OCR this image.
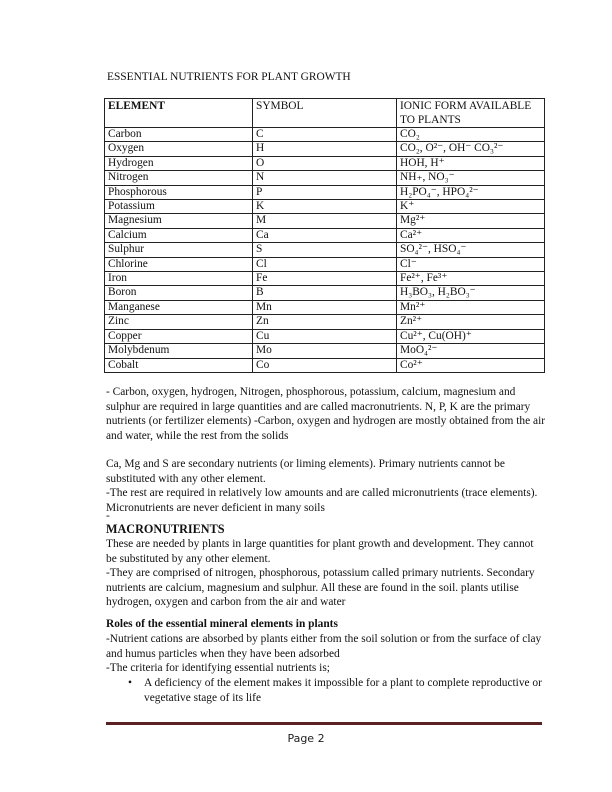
ESSENTIAL NUTRIENTS FOR PLANT GROWTH
ELEMENT	SYMBOL	IONIC FORM AVAILABLE TO PLANTS
Carbon	C	CO₂
Oxygen	H	CO₂, O²⁻, OH⁻ CO₃²⁻
Hydrogen	O	HOH, H⁺
Nitrogen	N	NH₊, NO₃⁻
Phosphorous	P	H₂PO₄⁻, HPO₄²⁻
Potassium	K	K⁺
Magnesium	M	Mg²⁺
Calcium	Ca	Ca²⁺
Sulphur	S	SO₄²⁻, HSO₄⁻
Chlorine	Cl	Cl⁻
Iron	Fe	Fe²⁺, Fe³⁺
Boron	B	H₃BO₃, H₂BO₃⁻
Manganese	Mn	Mn²⁺
Zinc	Zn	Zn²⁺
Copper	Cu	Cu²⁺, Cu(OH)⁺
Molybdenum	Mo	MoO₄²⁻
Cobalt	Co	Co²⁺
- Carbon, oxygen, hydrogen, Nitrogen, phosphorous, potassium, calcium, magnesium and sulphur are required in large quantities and are called macronutrients. N, P, K are the primary nutrients (or fertilizer elements) -Carbon, oxygen and hydrogen are mostly obtained from the air and water, while the rest from the solids
Ca, Mg and S are secondary nutrients (or liming elements). Primary nutrients cannot be substituted with any other element.
-The rest are required in relatively low amounts and are called micronutrients (trace elements). Micronutrients are never deficient in many soils
-
MACRONUTRIENTS
These are needed by plants in large quantities for plant growth and development. They cannot be substituted by any other element.
-They are comprised of nitrogen, phosphorous, potassium called primary nutrients. Secondary nutrients are calcium, magnesium and sulphur. All these are found in the soil. plants utilise hydrogen, oxygen and carbon from the air and water
Roles of the essential mineral elements in plants
-Nutrient cations are absorbed by plants either from the soil solution or from the surface of clay and humus particles when they have been adsorbed
-The criteria for identifying essential nutrients is;
• A deficiency of the element makes it impossible for a plant to complete reproductive or vegetative stage of its life
Page 2
